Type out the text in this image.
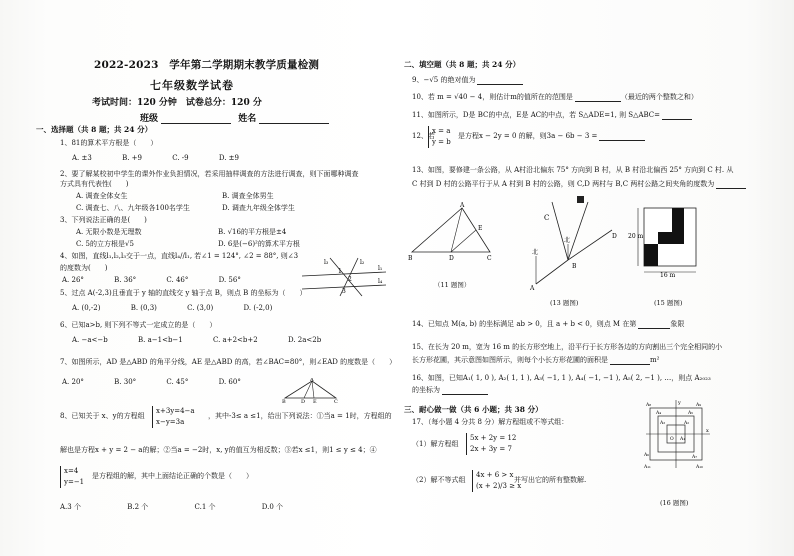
2022-2023　学年第二学期期末教学质量检测
七年级数学试卷
考试时间：120 分钟　试卷总分：120 分
班级	姓名
一、选择题（共 8 题；共 24 分）
1、81的算术平方根是（　　）
A. ±3	B. +9	C. -9	D. ±9
2、要了解某校初中学生的课外作业负担情况，若采用抽样调查的方法进行调查，则下面哪种调查
方式具有代表性(　　)
A. 调查全体女生	B. 调查全体男生
C. 调查七、八、九年级各100名学生	D. 调查九年级全体学生
3、下列说法正确的是(　　)
A. 无限小数是无理数	B. √16的平方根是±4
C. 5的立方根是√5	D. 6是(−6)²的算术平方根
4、如图，直线l₁,l₂,l₃交于一点，直线l₄//l₁, 若∠1 = 124°, ∠2 = 88°, 则∠3
的度数为(　　)
A. 26°	B. 36°	C. 46°	D. 56°
l₃	l₂
1
2
3
l₁
l₄
5、过点 A(-2,3)且垂直于 y 轴的直线交 y 轴于点 B，则点 B 的坐标为（　　）
A. (0,-2)	B. (0,3)	C. (3,0)	D. (-2,0)
6、已知a>b, 则下列不等式一定成立的是（　　）
A. −a<−b	B. a−1<b−1	C. a+2<b+2	D. 2a<2b
7、如图所示，AD 是△ABD 的角平分线，AE 是△ABD 的高，若∠BAC=80°，则∠EAD 的度数是（　　）
A. 20°	B. 30°	C. 45°	D. 60°	A
B	D E	C
8、已知关于 x、y的方程组
x+3y=4−a
x−y=3a
，其中-3≤ a ≤1，给出下列说法：①当a = 1时，方程组的
解也是方程x + y = 2 − a的解；②当a = −2时，x, y的值互为相反数；③若x ≤1，则1 ≤ y ≤ 4；④
x=4
y=−1
是方程组的解，其中上面结论正确的个数是（　　）
A.3 个	B.2 个	C.1 个	D.0 个
二、填空题（共 8 题；共 24 分）
9、−√5 的绝对值为
10、若 m = √40 − 4，则估计m的值所在的范围是	（最近的两个整数之和）
11、如图所示，D是 BC的中点，E是 AC的中点，若 S△ADE=1, 则 S△ABC=
12、若
x = a
y = b
是方程x − 2y = 0 的解，则3a − 6b − 3 =
13、如图，要修建一条公路，从 A村沿北偏东 75° 方向到 B 村，从 B 村沿北偏西 25° 方向到 C 村. 从
C 村到 D 村的公路平行于从 A 村到 B 村的公路，则 C,D 两村与 B,C 两村公路之间夹角的度数为
A
B	D	C
E
（11 题图）
C
B
北
北
A
D
(13 题图)
20 m
16 m
(15 题图)
14、已知点 M(a, b) 的坐标满足 ab > 0，且 a + b < 0，则点 M 在第	象限
15、在长为 20 m，宽为 16 m 的长方形空地上，沿平行于长方形各边的方向割出三个完全相同的小
长方形花圃，其示意图如图所示，则每个小长方形花圃的面积是	m²
16、如图，已知A₁( 1, 0 ), A₂( 1, 1 ), A₃( −1, 1 ), A₄( −1, −1 ), A₅( 2, −1 ), …，则点 A₂₀₂₃
的坐标为
三、耐心做一做（共 6 小题；共 38 分）
17、（每小题 4 分共 8 分）解方程组或不等式组：
（1）解方程组
5x + 2y = 12
2x + 3y = 7
（2）解不等式组
4x + 6 > x
(x + 2)/3 ≥ x
并写出它的所有整数解.
A₈
A₄	A₅
A₉
A₁₀
A₃	A₂
A₆
O A₁
A₇
A₁₁
y
x
(16 题图)
